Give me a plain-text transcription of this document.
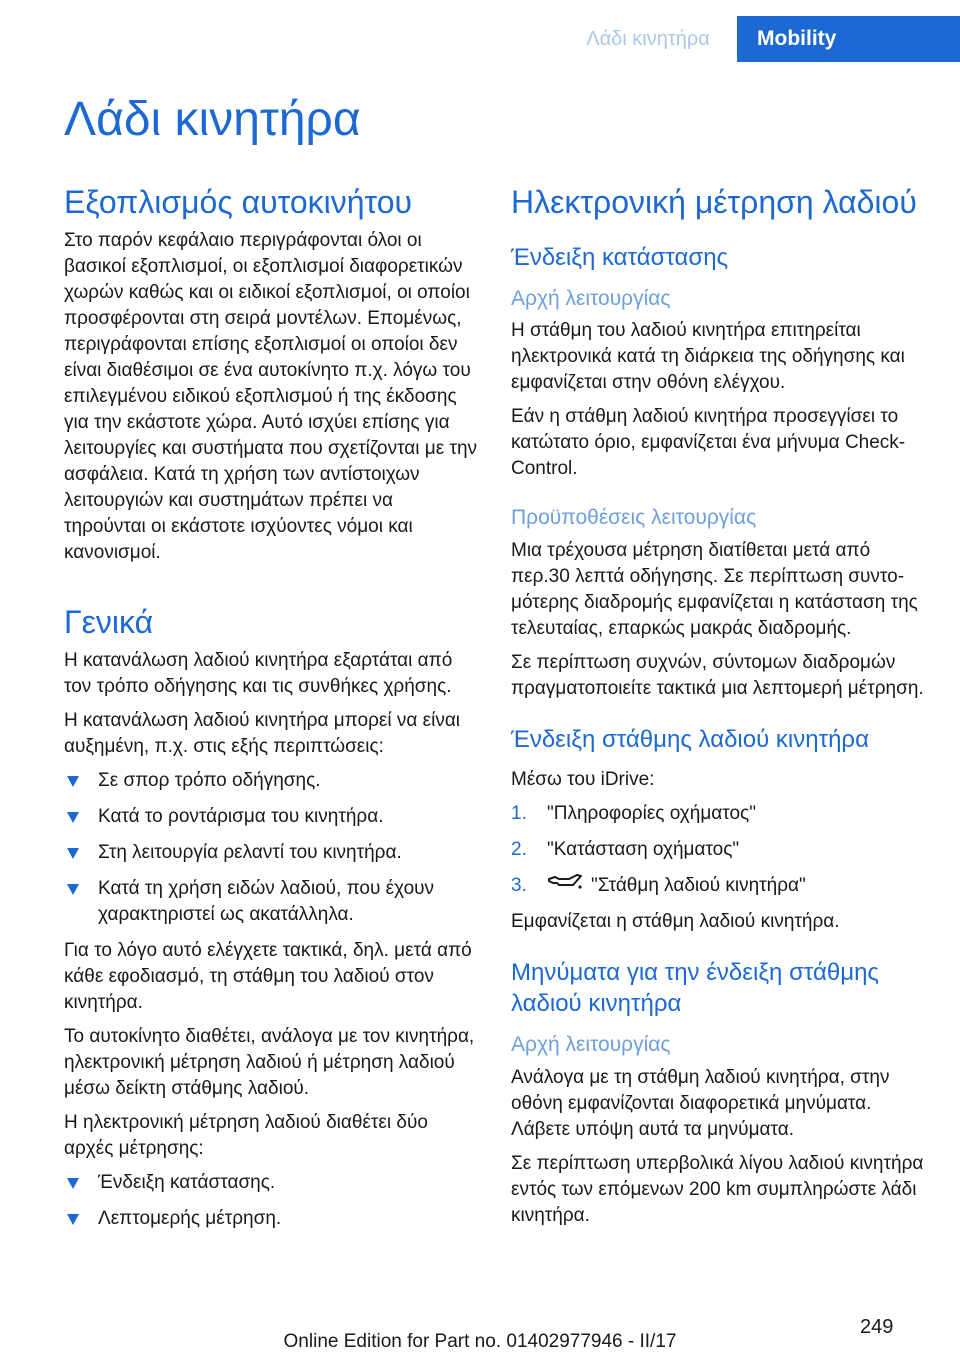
Λάδι κινητήρα	Mobility
Λάδι κινητήρα
Εξοπλισμός αυτοκινήτου

Στο παρόν κεφάλαιο περιγράφονται όλοι οι βασικοί εξοπλισμοί, οι εξοπλισμοί διαφορετικών χωρών καθώς και οι ειδικοί εξοπλισμοί, οι οποίοι προσφέρονται στη σειρά μοντέλων. Επομένως, περιγράφονται επίσης εξοπλισμοί οι οποίοι δεν είναι διαθέσιμοι σε ένα αυτοκίνητο π.χ. λόγω του επιλεγμένου ειδικού εξοπλισμού ή της έκδοσης για την εκάστοτε χώρα. Αυτό ισχύει επίσης για λειτουργίες και συστήματα που σχετίζονται με την ασφάλεια. Κατά τη χρήση των αντίστοιχων λειτουργιών και συστημάτων πρέπει να τηρούνται οι εκάστοτε ισχύοντες νόμοι και κανονισμοί.

Γενικά

Η κατανάλωση λαδιού κινητήρα εξαρτάται από τον τρόπο οδήγησης και τις συνθήκες χρήσης.

Η κατανάλωση λαδιού κινητήρα μπορεί να είναι αυξημένη, π.χ. στις εξής περιπτώσεις:

Σε σπορ τρόπο οδήγησης.
Κατά το ροντάρισμα του κινητήρα.
Στη λειτουργία ρελαντί του κινητήρα.
Κατά τη χρήση ειδών λαδιού, που έχουν χαρακτηριστεί ως ακατάλληλα.

Για το λόγο αυτό ελέγχετε τακτικά, δηλ. μετά από κάθε εφοδιασμό, τη στάθμη του λαδιού στον κινητήρα.

Το αυτοκίνητο διαθέτει, ανάλογα με τον κινητήρα, ηλεκτρονική μέτρηση λαδιού ή μέτρηση λαδιού μέσω δείκτη στάθμης λαδιού.

Η ηλεκτρονική μέτρηση λαδιού διαθέτει δύο αρχές μέτρησης:

Ένδειξη κατάστασης.
Λεπτομερής μέτρηση.
Ηλεκτρονική μέτρηση λαδιού
Ένδειξη κατάστασης
Αρχή λειτουργίας

Η στάθμη του λαδιού κινητήρα επιτηρείται ηλεκτρονικά κατά τη διάρκεια της οδήγησης και εμφανίζεται στην οθόνη ελέγχου.

Εάν η στάθμη λαδιού κινητήρα προσεγγίσει το κατώτατο όριο, εμφανίζεται ένα μήνυμα Check-Control.

Προϋποθέσεις λειτουργίας

Μια τρέχουσα μέτρηση διατίθεται μετά από περ.30 λεπτά οδήγησης. Σε περίπτωση συντομότερης διαδρομής εμφανίζεται η κατάσταση της τελευταίας, επαρκώς μακράς διαδρομής.

Σε περίπτωση συχνών, σύντομων διαδρομών πραγματοποιείτε τακτικά μια λεπτομερή μέτρηση.

Ένδειξη στάθμης λαδιού κινητήρα

Μέσω του iDrive:

1. "Πληροφορίες οχήματος"
2. "Κατάσταση οχήματος"
3.	"Στάθμη λαδιού κινητήρα"

Εμφανίζεται η στάθμη λαδιού κινητήρα.

Μηνύματα για την ένδειξη στάθμης λαδιού κινητήρα
Αρχή λειτουργίας

Ανάλογα με τη στάθμη λαδιού κινητήρα, στην οθόνη εμφανίζονται διαφορετικά μηνύματα. Λάβετε υπόψη αυτά τα μηνύματα.

Σε περίπτωση υπερβολικά λίγου λαδιού κινητήρα εντός των επόμενων 200 km συμπληρώστε λάδι κινητήρα.

249
Online Edition for Part no. 01402977946 - II/17
